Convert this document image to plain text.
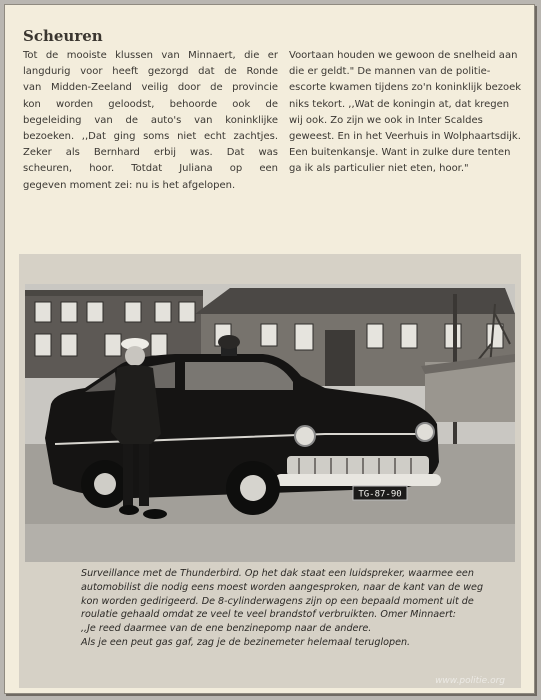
Scheuren
Tot de mooiste klussen van Minnaert, die er
langdurig voor heeft gezorgd dat de Ronde
van Midden-Zeeland veilig door de provincie
kon worden geloodst, behoorde ook de
begeleiding van de auto's van koninklijke
bezoeken. ,,Dat ging soms niet echt zachtjes.
Zeker als Bernhard erbij was. Dat was
scheuren, hoor. Totdat Juliana op een
gegeven moment zei: nu is het afgelopen.
Voortaan houden we gewoon de snelheid aan
die er geldt." De mannen van de politie-
escorte kwamen tijdens zo'n koninklijk bezoek
niks tekort. ,,Wat de koningin at, dat kregen
wij ook. Zo zijn we ook in Inter Scaldes
geweest. En in het Veerhuis in Wolphaartsdijk.
Een buitenkansje. Want in zulke dure tenten
ga ik als particulier niet eten, hoor."
TG-87-90
Surveillance met de Thunderbird. Op het dak staat een luidspreker, waarmee een
automobilist die nodig eens moest worden aangesproken, naar de kant van de weg
kon worden gedirigeerd. De 8-cylinderwagens zijn op een bepaald moment uit de
roulatie gehaald omdat ze veel te veel brandstof verbruikten. Omer Minnaert:
,,Je reed daarmee van de ene benzinepomp naar de andere.
Als je een peut gas gaf, zag je de bezinemeter helemaal teruglopen.
www.politie.org
